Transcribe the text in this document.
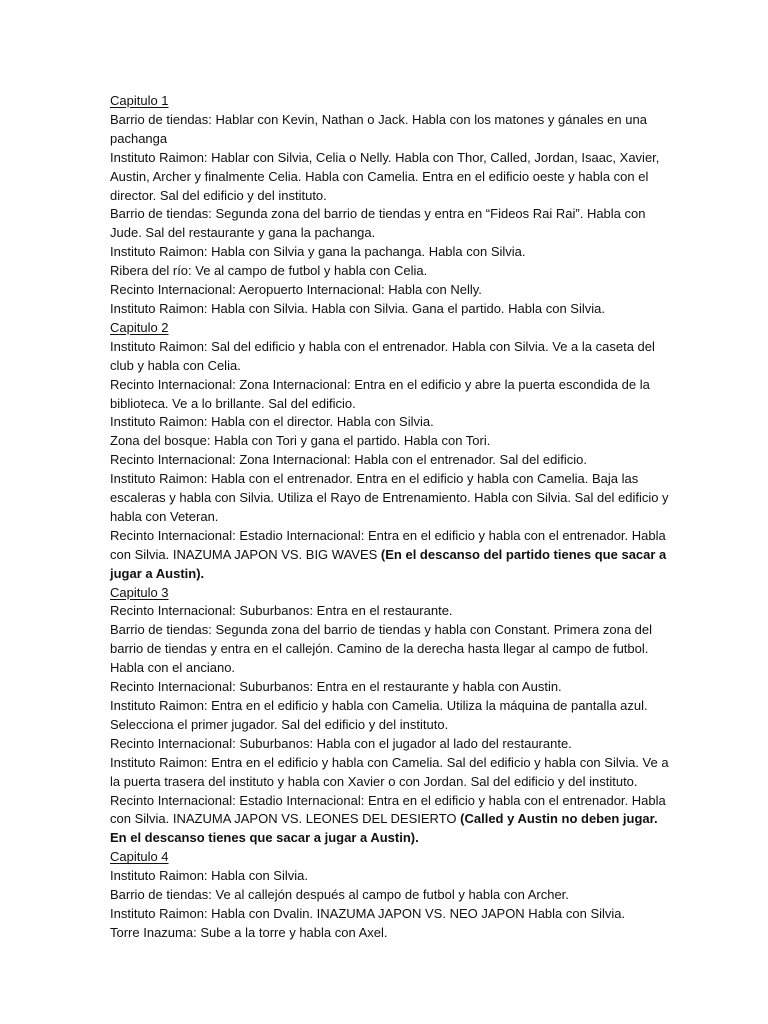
Capitulo 1
Barrio de tiendas: Hablar con Kevin, Nathan o Jack. Habla con los matones y gánales en una pachanga
Instituto Raimon: Hablar con Silvia, Celia o Nelly. Habla con Thor, Called, Jordan, Isaac, Xavier, Austin, Archer y finalmente Celia. Habla con Camelia. Entra en el edificio oeste y habla con el director. Sal del edificio y del instituto.
Barrio de tiendas: Segunda zona del barrio de tiendas y entra en “Fideos Rai Rai”. Habla con Jude. Sal del restaurante y gana la pachanga.
Instituto Raimon: Habla con Silvia y gana la pachanga. Habla con Silvia.
Ribera del río: Ve al campo de futbol y habla con Celia.
Recinto Internacional: Aeropuerto Internacional: Habla con Nelly.
Instituto Raimon: Habla con Silvia. Habla con Silvia. Gana el partido. Habla con Silvia.
Capitulo 2
Instituto Raimon: Sal del edificio y habla con el entrenador. Habla con Silvia. Ve a la caseta del club y habla con Celia.
Recinto Internacional: Zona Internacional: Entra en el edificio y abre la puerta escondida de la biblioteca. Ve a lo brillante. Sal del edificio.
Instituto Raimon: Habla con el director. Habla con Silvia.
Zona del bosque: Habla con Tori y gana el partido. Habla con Tori.
Recinto Internacional: Zona Internacional: Habla con el entrenador. Sal del edificio.
Instituto Raimon: Habla con el entrenador. Entra en el edificio y habla con Camelia. Baja las escaleras y habla con Silvia. Utiliza el Rayo de Entrenamiento. Habla con Silvia. Sal del edificio y habla con Veteran.
Recinto Internacional: Estadio Internacional: Entra en el edificio y habla con el entrenador. Habla con Silvia. INAZUMA JAPON VS. BIG WAVES (En el descanso del partido tienes que sacar a jugar a Austin).
Capitulo 3
Recinto Internacional: Suburbanos: Entra en el restaurante.
Barrio de tiendas: Segunda zona del barrio de tiendas y habla con Constant. Primera zona del barrio de tiendas y entra en el callejón. Camino de la derecha hasta llegar al campo de futbol. Habla con el anciano.
Recinto Internacional: Suburbanos: Entra en el restaurante y habla con Austin.
Instituto Raimon: Entra en el edificio y habla con Camelia. Utiliza la máquina de pantalla azul. Selecciona el primer jugador. Sal del edificio y del instituto.
Recinto Internacional: Suburbanos: Habla con el jugador al lado del restaurante.
Instituto Raimon: Entra en el edificio y habla con Camelia. Sal del edificio y habla con Silvia. Ve a la puerta trasera del instituto y habla con Xavier o con Jordan. Sal del edificio y del instituto.
Recinto Internacional: Estadio Internacional: Entra en el edificio y habla con el entrenador. Habla con Silvia. INAZUMA JAPON VS. LEONES DEL DESIERTO (Called y Austin no deben jugar. En el descanso tienes que sacar a jugar a Austin).
Capitulo 4
Instituto Raimon: Habla con Silvia.
Barrio de tiendas: Ve al callejón después al campo de futbol y habla con Archer.
Instituto Raimon: Habla con Dvalin. INAZUMA JAPON VS. NEO JAPON Habla con Silvia.
Torre Inazuma: Sube a la torre y habla con Axel.
